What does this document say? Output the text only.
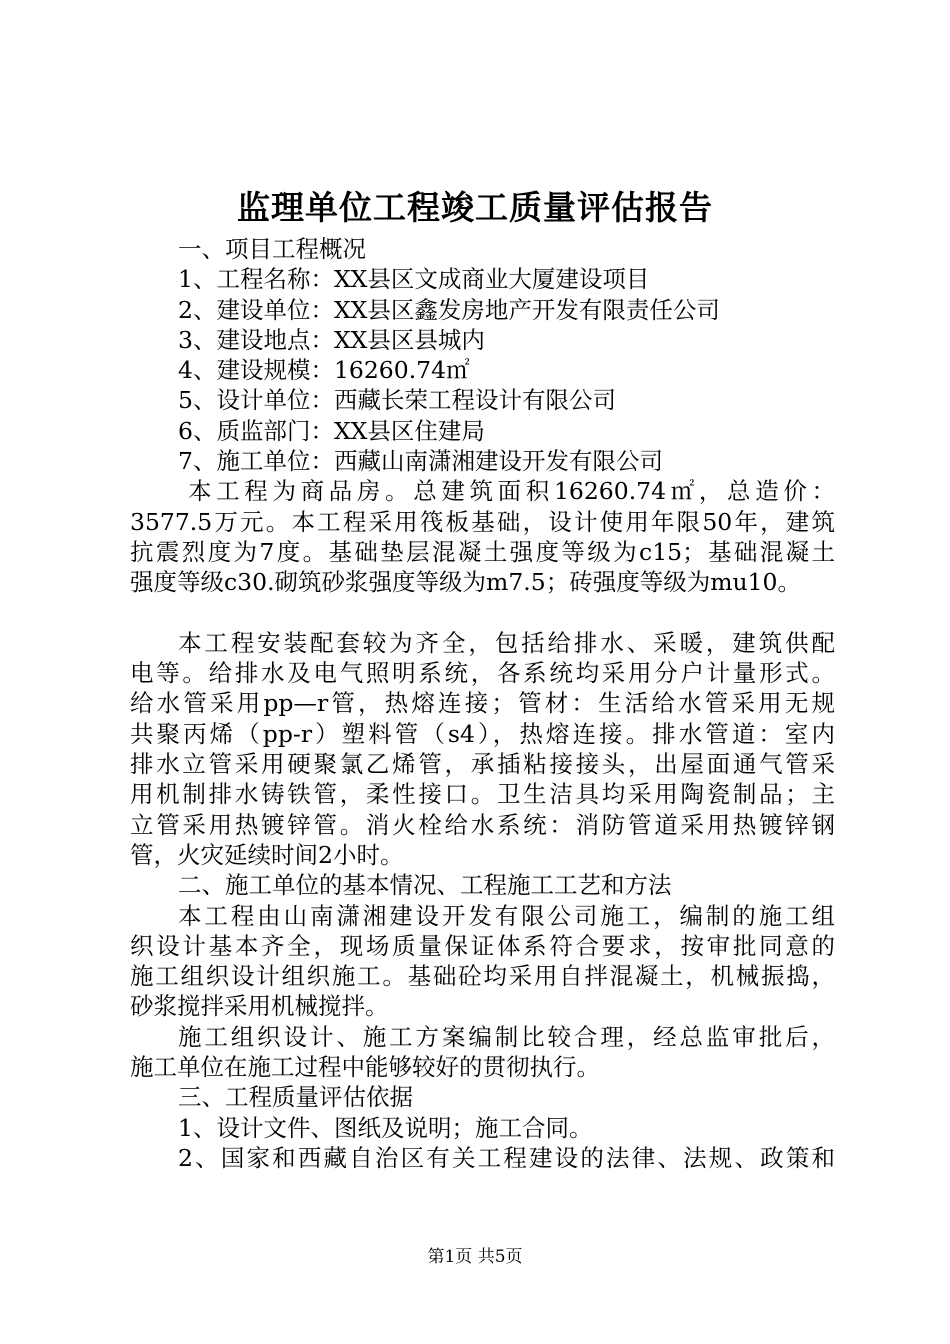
监理单位工程竣工质量评估报告
一、项目工程概况
1、工程名称：XX县区文成商业大厦建设项目
2、建设单位：XX县区鑫发房地产开发有限责任公司
3、建设地点：XX县区县城内
4、建设规模：16260.74㎡
5、设计单位：西藏长荣工程设计有限公司
6、质监部门：XX县区住建局
7、施工单位：西藏山南潇湘建设开发有限公司
本工程为商品房。总建筑面积16260.74㎡，总造价：
3577.5万元。本工程采用筏板基础，设计使用年限50年，建筑
抗震烈度为7度。基础垫层混凝土强度等级为c15；基础混凝土
强度等级c30.砌筑砂浆强度等级为m7.5；砖强度等级为mu10。
本工程安装配套较为齐全，包括给排水、采暖，建筑供配
电等。给排水及电气照明系统，各系统均采用分户计量形式。
给水管采用pp—r管，热熔连接；管材：生活给水管采用无规
共聚丙烯（pp-r）塑料管（s4），热熔连接。排水管道：室内
排水立管采用硬聚氯乙烯管，承插粘接接头，出屋面通气管采
用机制排水铸铁管，柔性接口。卫生洁具均采用陶瓷制品；主
立管采用热镀锌管。消火栓给水系统：消防管道采用热镀锌钢
管，火灾延续时间2小时。
二、施工单位的基本情况、工程施工工艺和方法
本工程由山南潇湘建设开发有限公司施工，编制的施工组
织设计基本齐全，现场质量保证体系符合要求，按审批同意的
施工组织设计组织施工。基础砼均采用自拌混凝土，机械振捣，
砂浆搅拌采用机械搅拌。
施工组织设计、施工方案编制比较合理，经总监审批后，
施工单位在施工过程中能够较好的贯彻执行。
三、工程质量评估依据
1、设计文件、图纸及说明；施工合同。
2、国家和西藏自治区有关工程建设的法律、法规、政策和
第1页 共5页
